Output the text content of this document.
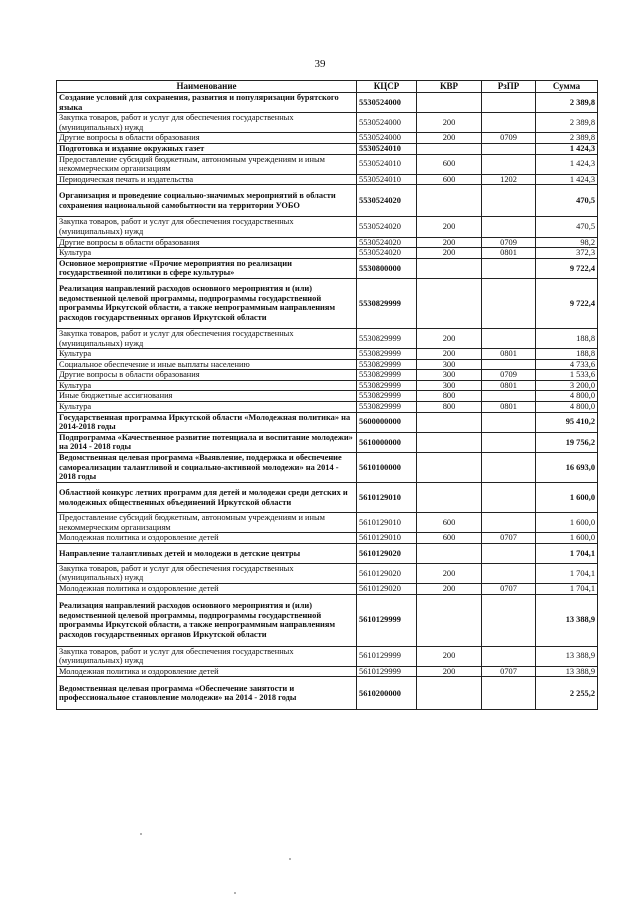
39
Наименование	КЦСР	КВР	РзПР	Сумма
Создание условий для сохранения, развития и популяризации бурятского языка	5530524000			2 389,8
Закупка товаров, работ и услуг для обеспечения государственных (муниципальных) нужд	5530524000	200		2 389,8
Другие вопросы в области образования	5530524000	200	0709	2 389,8
Подготовка и издание окружных газет	5530524010			1 424,3
Предоставление субсидий бюджетным, автономным учреждениям и иным некоммерческим организациям	5530524010	600		1 424,3
Периодическая печать и издательства	5530524010	600	1202	1 424,3
Организация и проведение социально-значимых мероприятий в области сохранения национальной самобытности на территории УОБО	5530524020			470,5
Закупка товаров, работ и услуг для обеспечения государственных (муниципальных) нужд	5530524020	200		470,5
Другие вопросы в области образования	5530524020	200	0709	98,2
Культура	5530524020	200	0801	372,3
Основное мероприятие «Прочие мероприятия по реализации государственной политики в сфере культуры»	5530800000			9 722,4
Реализация направлений расходов основного мероприятия и (или) ведомственной целевой программы, подпрограммы государственной программы Иркутской области, а также непрограммным направлениям расходов государственных органов Иркутской области	5530829999			9 722,4
Закупка товаров, работ и услуг для обеспечения государственных (муниципальных) нужд	5530829999	200		188,8
Культура	5530829999	200	0801	188,8
Социальное обеспечение и иные выплаты населению	5530829999	300		4 733,6
Другие вопросы в области образования	5530829999	300	0709	1 533,6
Культура	5530829999	300	0801	3 200,0
Иные бюджетные ассигнования	5530829999	800		4 800,0
Культура	5530829999	800	0801	4 800,0
Государственная программа Иркутской области «Молодежная политика» на 2014-2018 годы	5600000000			95 410,2
Подпрограмма «Качественное развитие потенциала и воспитание молодежи» на 2014 - 2018 годы	5610000000			19 756,2
Ведомственная целевая программа «Выявление, поддержка и обеспечение самореализации талантливой и социально-активной молодежи» на 2014 - 2018 годы	5610100000			16 693,0
Областной конкурс летних программ для детей и молодежи среди детских и молодежных общественных объединений Иркутской области	5610129010			1 600,0
Предоставление субсидий бюджетным, автономным учреждениям и иным некоммерческим организациям	5610129010	600		1 600,0
Молодежная политика и оздоровление детей	5610129010	600	0707	1 600,0
Направление талантливых детей и молодежи в детские центры	5610129020			1 704,1
Закупка товаров, работ и услуг для обеспечения государственных (муниципальных) нужд	5610129020	200		1 704,1
Молодежная политика и оздоровление детей	5610129020	200	0707	1 704,1
Реализация направлений расходов основного мероприятия и (или) ведомственной целевой программы, подпрограммы государственной программы Иркутской области, а также непрограммным направлениям расходов государственных органов Иркутской области	5610129999			13 388,9
Закупка товаров, работ и услуг для обеспечения государственных (муниципальных) нужд	5610129999	200		13 388,9
Молодежная политика и оздоровление детей	5610129999	200	0707	13 388,9
Ведомственная целевая программа «Обеспечение занятости и профессиональное становление молодежи» на 2014 - 2018 годы	5610200000			2 255,2
